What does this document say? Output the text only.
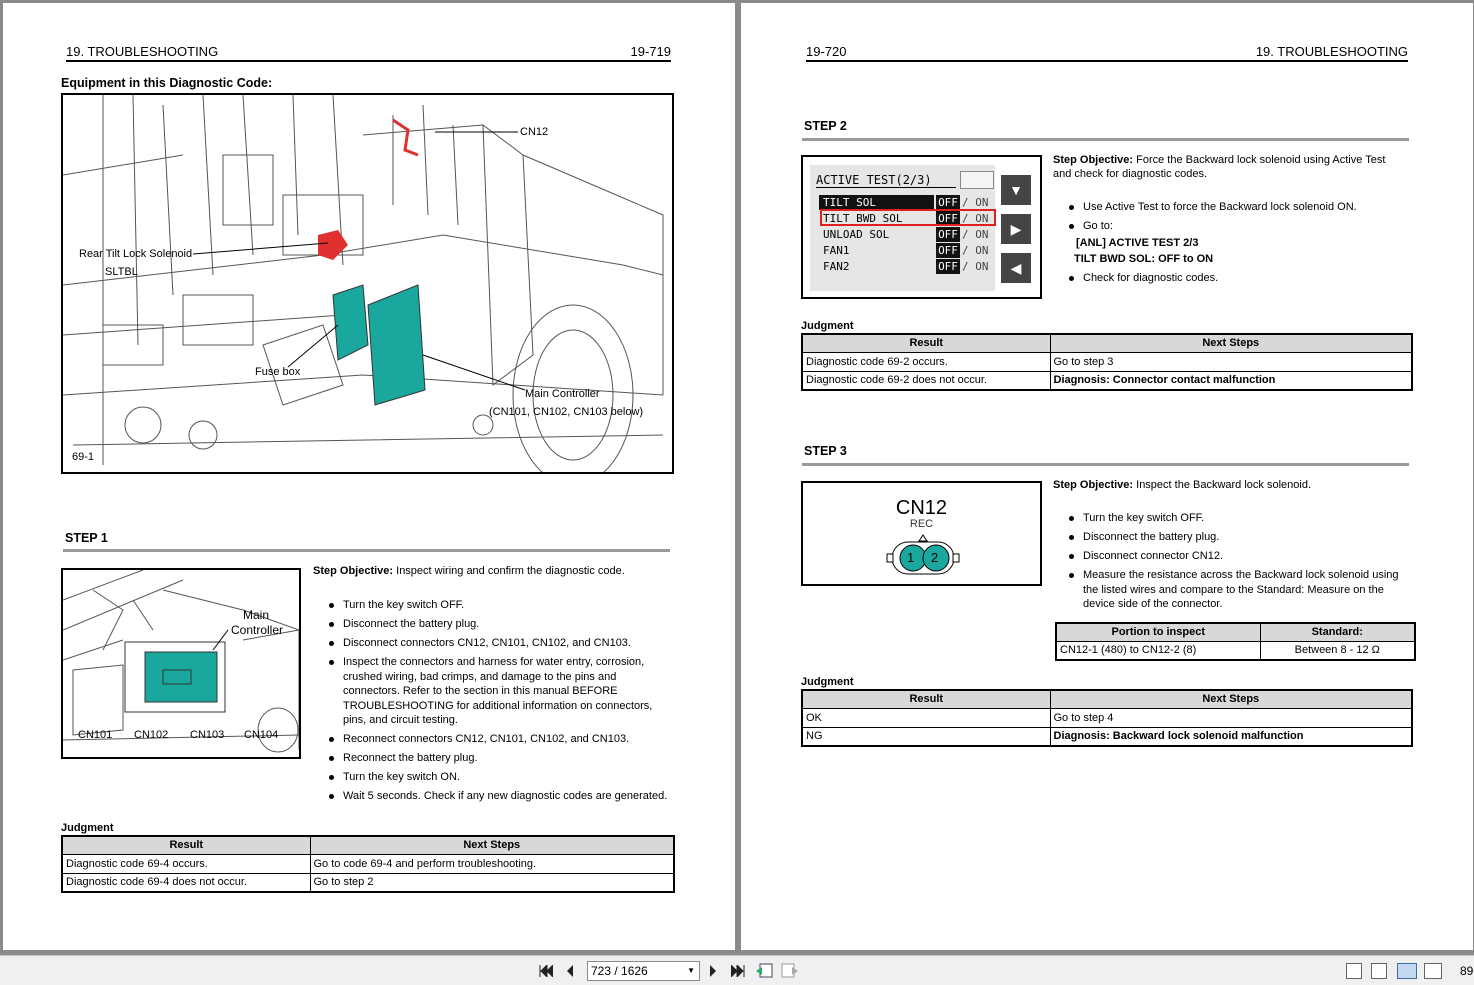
19. TROUBLESHOOTING	19-719
Equipment in this Diagnostic Code:
CN12
Rear Tilt Lock Solenoid
SLTBL
Fuse box
Main Controller
(CN101, CN102, CN103 below)
69-1
STEP 1
Main
Controller
CN101 CN102 CN103 CN104
Step Objective: Inspect wiring and confirm the diagnostic code.
Turn the key switch OFF.
Disconnect the battery plug.
Disconnect connectors CN12, CN101, CN102, and CN103.
Inspect the connectors and harness for water entry, corrosion, crushed wiring, bad crimps, and damage to the pins and connectors. Refer to the section in this manual BEFORE TROUBLESHOOTING for additional information on connectors, pins, and circuit testing.
Reconnect connectors CN12, CN101, CN102, and CN103.
Reconnect the battery plug.
Turn the key switch ON.
Wait 5 seconds. Check if any new diagnostic codes are generated.
Judgment
Result	Next Steps
Diagnostic code 69-4 occurs.	Go to code 69-4 and perform troubleshooting.
Diagnostic code 69-4 does not occur.	Go to step 2
19-720	19. TROUBLESHOOTING
STEP 2
ACTIVE TEST(2/3)
TILT SOL	OFF / ON
TILT BWD SOL	OFF / ON
UNLOAD SOL	OFF / ON
FAN1	OFF / ON
FAN2	OFF / ON
▼
▶
◀
Step Objective: Force the Backward lock solenoid using Active Test and check for diagnostic codes.
Use Active Test to force the Backward lock solenoid ON.
Go to:
[ANL] ACTIVE TEST 2/3
TILT BWD SOL: OFF to ON
Check for diagnostic codes.
Judgment
Result	Next Steps
Diagnostic code 69-2 occurs.	Go to step 3
Diagnostic code 69-2 does not occur.	Diagnosis: Connector contact malfunction
STEP 3
CN12
REC
1 2
Step Objective: Inspect the Backward lock solenoid.
Turn the key switch OFF.
Disconnect the battery plug.
Disconnect connector CN12.
Measure the resistance across the Backward lock solenoid using the listed wires and compare to the Standard: Measure on the device side of the connector.
Portion to inspect	Standard:
CN12-1 (480) to CN12-2 (8)	Between 8 - 12 Ω
Judgment
Result	Next Steps
OK	Go to step 4
NG	Diagnosis: Backward lock solenoid malfunction
723 / 1626	▼	89
